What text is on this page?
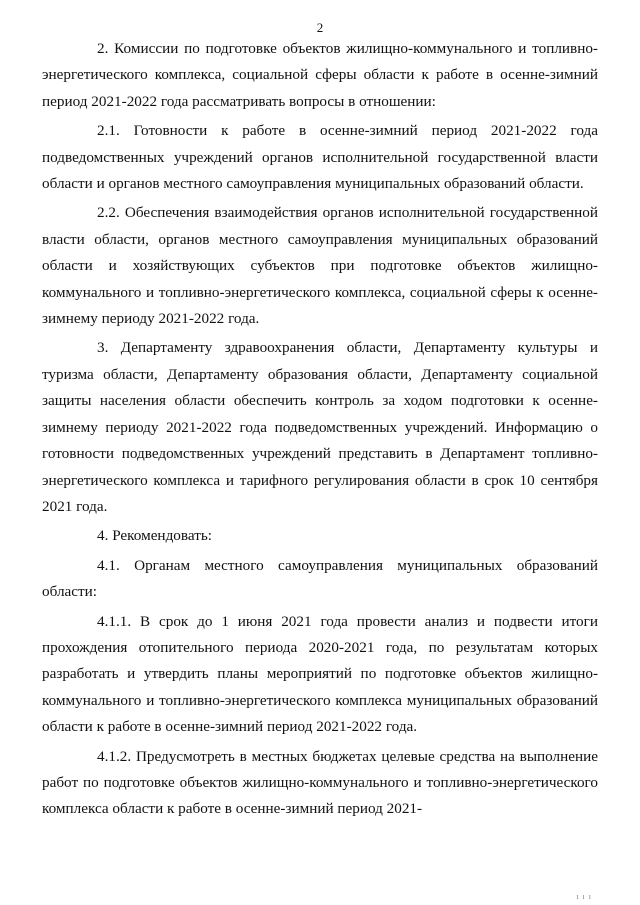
2

2. Комиссии по подготовке объектов жилищно-коммунального и топливно-энергетического комплекса, социальной сферы области к работе в осенне-зимний период 2021-2022 года рассматривать вопросы в отношении:

2.1. Готовности к работе в осенне-зимний период 2021-2022 года подведомственных учреждений органов исполнительной государственной власти области и органов местного самоуправления муниципальных образований области.

2.2. Обеспечения взаимодействия органов исполнительной государственной власти области, органов местного самоуправления муниципальных образований области и хозяйствующих субъектов при подготовке объектов жилищно-коммунального и топливно-энергетического комплекса, социальной сферы к осенне-зимнему периоду 2021-2022 года.

3. Департаменту здравоохранения области, Департаменту культуры и туризма области, Департаменту образования области, Департаменту социальной защиты населения области обеспечить контроль за ходом подготовки к осенне-зимнему периоду 2021-2022 года подведомственных учреждений. Информацию о готовности подведомственных учреждений представить в Департамент топливно-энергетического комплекса и тарифного регулирования области в срок 10 сентября 2021 года.

4. Рекомендовать:

4.1. Органам местного самоуправления муниципальных образований области:

4.1.1. В срок до 1 июня 2021 года провести анализ и подвести итоги прохождения отопительного периода 2020-2021 года, по результатам которых разработать и утвердить планы мероприятий по подготовке объектов жилищно-коммунального и топливно-энергетического комплекса муниципальных образований области к работе в осенне-зимний период 2021-2022 года.

4.1.2. Предусмотреть в местных бюджетах целевые средства на выполнение работ по подготовке объектов жилищно-коммунального и топливно-энергетического комплекса области к работе в осенне-зимний период 2021-

ı ı ı
